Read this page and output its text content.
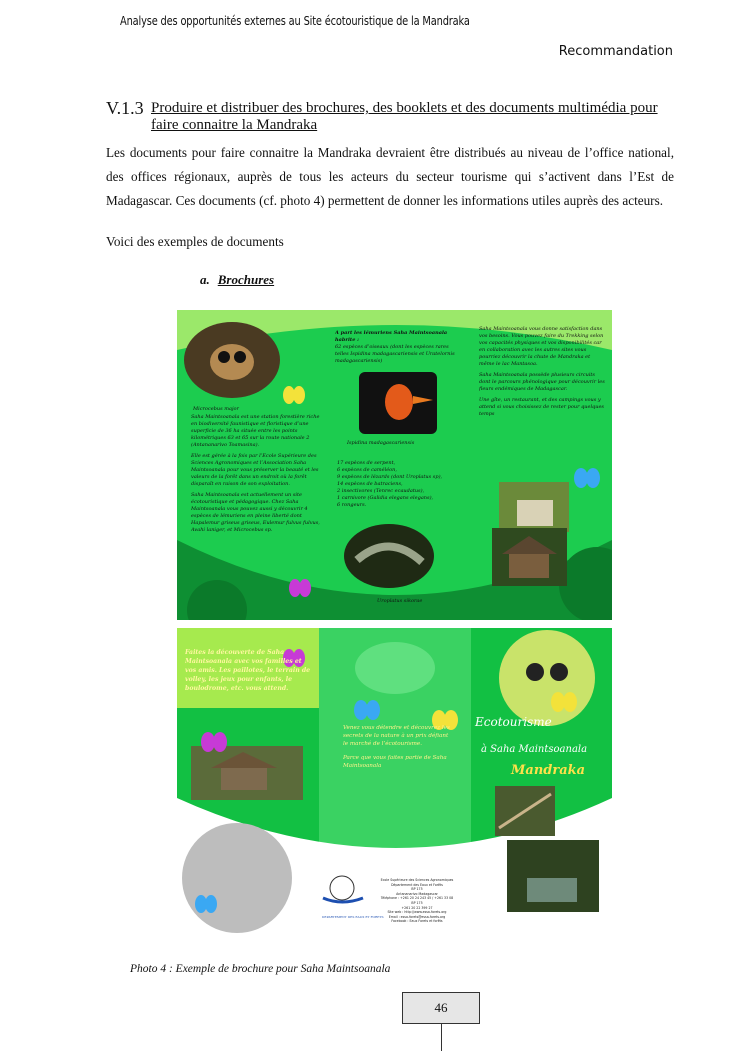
Analyse des opportunités externes au Site écotouristique de la Mandraka
Recommandation
V.1.3 Produire et distribuer des brochures, des booklets et des documents multimédia pour faire connaitre la Mandraka
Les documents pour faire connaitre la Mandraka devraient être distribués au niveau de l’office national, des offices régionaux, auprès de tous les acteurs du secteur tourisme qui s’activent dans l’Est de Madagascar. Ces documents (cf. photo 4) permettent de donner les informations utiles auprès des acteurs.
Voici des exemples de documents
a. Brochures
Microcebus major

Saha Maintsoanala est une station forestière riche en biodiversité faunistique et floristique d’une superficie de 36 ha située entre les points kilométriques 63 et 65 sur la route nationale 2 (Antananarivo Toamasina).

Elle est gérée à la fois par l’Ecole Supérieure des Sciences Agronomiques et l’Association Saha Maintsoanala pour vous préserver la beauté et les valeurs de la forêt dans un endroit où la forêt disparaît en raison de son exploitation.

Saha Maintsoanala est actuellement un site écotouristique et pédagogique. Chez Saha Maintsoanala vous pouvez aussi y découvrir 4 espèces de lémuriens en pleine liberté dont Hapalemur griseus griseus, Eulemur fulvus fulvus, Avahi laniger, et Microcebus sp.

A part les lémuriens Saha Maintsoanala habrite :

62 espèces d’oiseaux (dont les espèces rares telles Ispidina madagascariensis et Uratelornis madagascariensis)

Ispidina madagascariensis
17 espèces de serpent,
6 espèces de caméléon,
9 espèces de lézards (dont Uroplatus sp),
14 espèces de batraciens,
2 insectivores (Tenrec ecaudatus),
1 carnivore (Galidia elegans elegans),
6 rongeurs.
Uroplatus sikorae

Saha Maintsoanala vous donne satisfaction dans vos besoins. Vous pouvez faire du Trekking selon vos capacités physiques et vos disponibilités car en collaboration avec les autres sites vous pourriez découvrir la chute de Mandraka et même le lac Mantasoa.

Saha Maintsoanala possède plusieurs circuits dont le parcours phénologique pour découvrir les fleurs endémiques de Madagascar.

Une gîte, un restaurant, et des campings vous y attend si vous choisissez de rester pour quelques temps

DEPARTEMENT DES EAUX ET FORETS

Faites la découverte de Saha Maintsoanala avec vos familles et vos amis. Les paillotes, le terrain de volley, les jeux pour enfants, le boulodrome, etc. vous attend.

Venez vous détendre et découvrez les secrets de la nature à un prix défiant le marché de l’écotourisme.

Parce que vous faites partie de Saha Maintsoanala

Ecotourisme
à Saha Maintsoanala
Mandraka
Ecole Supérieure des Sciences Agronomiques
Département des Eaux et Forêts
BP 175
Antananarivo Madagascar
Téléphone : +261 20 24 243 45 / +261 33 08
BP 175
+261 20 22 399 27
Site web : http://www.essa-forets.org
Email : essa-forets@essa-forets.org
Facebook : Eaux Forets et forêts
Photo 4 : Exemple de brochure pour Saha Maintsoanala
46
